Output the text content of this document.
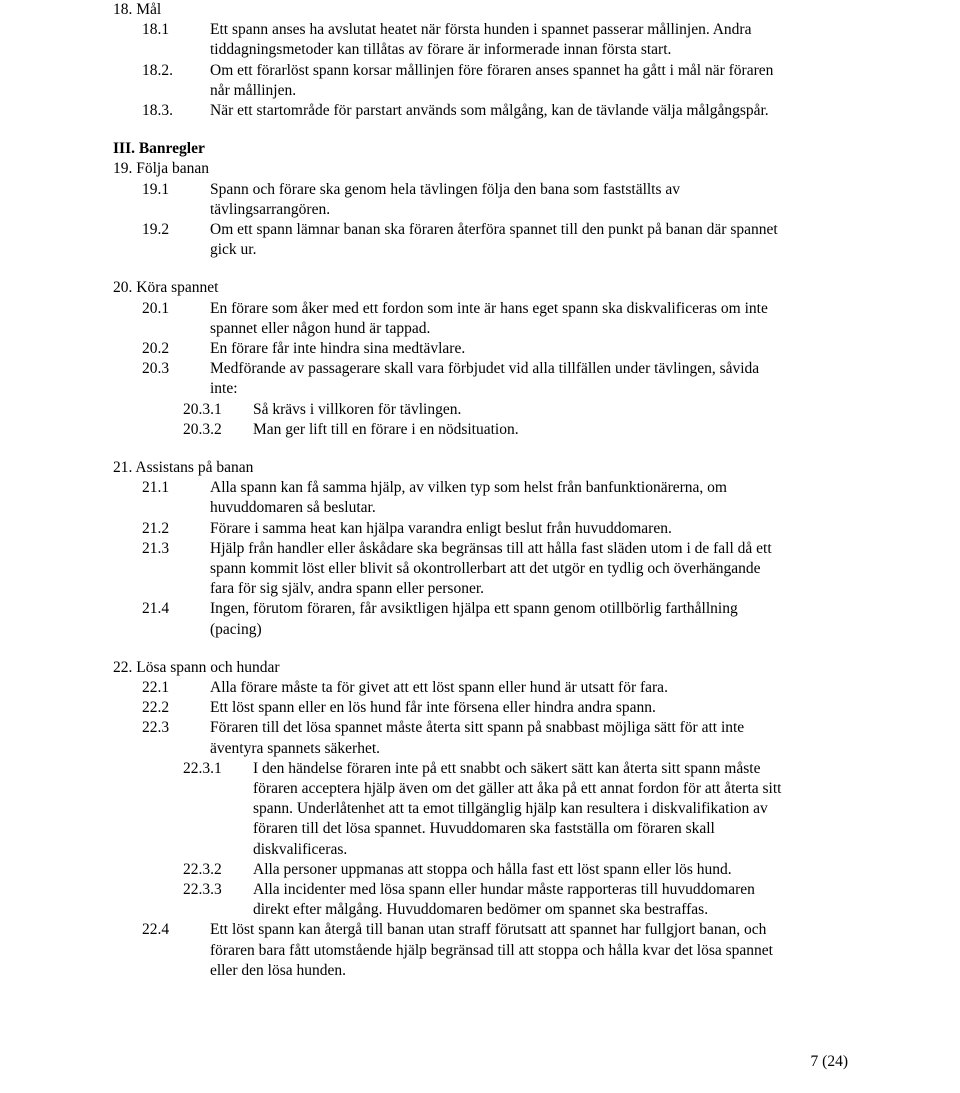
18. Mål
18.1	Ett spann anses ha avslutat heatet när första hunden i spannet passerar mållinjen. Andra
tiddagningsmetoder kan tillåtas av förare är informerade innan första start.
18.2. Om ett förarlöst spann korsar mållinjen före föraren anses spannet ha gått i mål när föraren
når mållinjen.
18.3. När ett startområde för parstart används som målgång, kan de tävlande välja målgångspår.
III. Banregler
19. Följa banan
19.1	Spann och förare ska genom hela tävlingen följa den bana som fastställts av
tävlingsarrangören.
19.2	Om ett spann lämnar banan ska föraren återföra spannet till den punkt på banan där spannet
gick ur.
20. Köra spannet
20.1	En förare som åker med ett fordon som inte är hans eget spann ska diskvalificeras om inte
spannet eller någon hund är tappad.
20.2	En förare får inte hindra sina medtävlare.
20.3	Medförande av passagerare skall vara förbjudet vid alla tillfällen under tävlingen, såvida
inte:
20.3.1 Så krävs i villkoren för tävlingen.
20.3.2 Man ger lift till en förare i en nödsituation.
21. Assistans på banan
21.1	Alla spann kan få samma hjälp, av vilken typ som helst från banfunktionärerna, om
huvuddomaren så beslutar.
21.2	Förare i samma heat kan hjälpa varandra enligt beslut från huvuddomaren.
21.3	Hjälp från handler eller åskådare ska begränsas till att hålla fast släden utom i de fall då ett
spann kommit löst eller blivit så okontrollerbart att det utgör en tydlig och överhängande
fara för sig själv, andra spann eller personer.
21.4	Ingen, förutom föraren, får avsiktligen hjälpa ett spann genom otillbörlig farthållning
(pacing)
22. Lösa spann och hundar
22.1	Alla förare måste ta för givet att ett löst spann eller hund är utsatt för fara.
22.2	Ett löst spann eller en lös hund får inte försena eller hindra andra spann.
22.3	Föraren till det lösa spannet måste återta sitt spann på snabbast möjliga sätt för att inte
äventyra spannets säkerhet.
22.3.1 I den händelse föraren inte på ett snabbt och säkert sätt kan återta sitt spann måste
föraren acceptera hjälp även om det gäller att åka på ett annat fordon för att återta sitt
spann. Underlåtenhet att ta emot tillgänglig hjälp kan resultera i diskvalifikation av
föraren till det lösa spannet. Huvuddomaren ska fastställa om föraren skall
diskvalificeras.
22.3.2 Alla personer uppmanas att stoppa och hålla fast ett löst spann eller lös hund.
22.3.3 Alla incidenter med lösa spann eller hundar måste rapporteras till huvuddomaren
direkt efter målgång. Huvuddomaren bedömer om spannet ska bestraffas.
22.4	Ett löst spann kan återgå till banan utan straff förutsatt att spannet har fullgjort banan, och
föraren bara fått utomstående hjälp begränsad till att stoppa och hålla kvar det lösa spannet
eller den lösa hunden.
7 (24)
